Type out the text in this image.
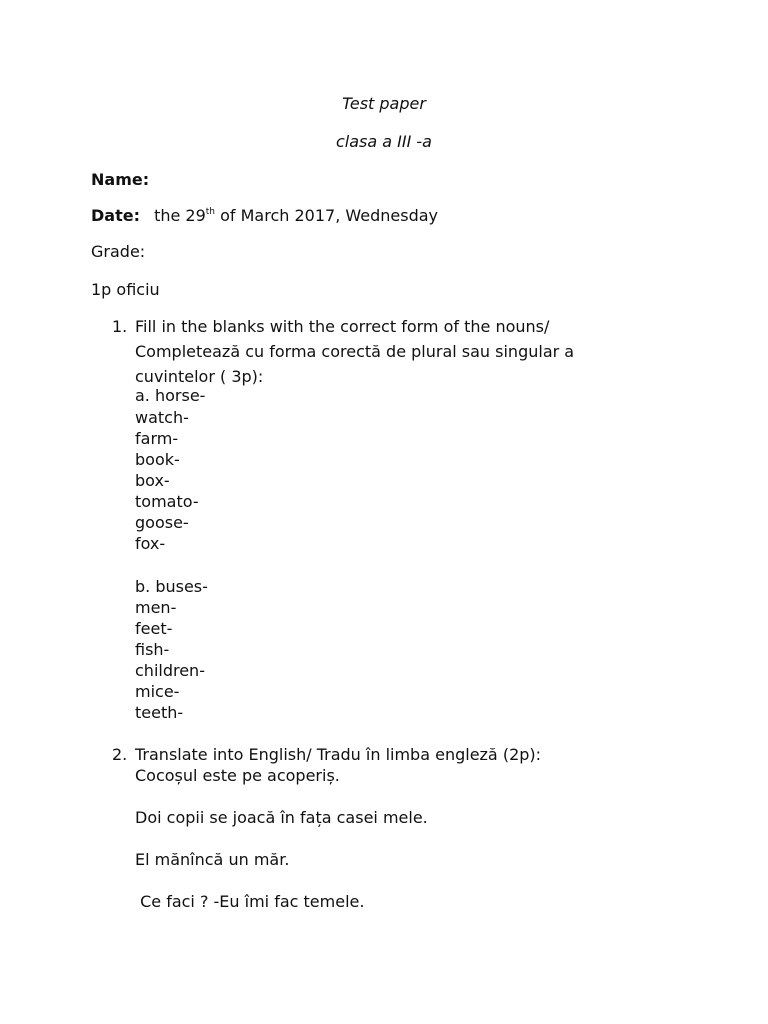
Test paper
clasa a III -a
Name:
Date: the 29th of March 2017, Wednesday
Grade:
1p oficiu
1. Fill in the blanks with the correct form of the nouns/
Completează cu forma corectă de plural sau singular a
cuvintelor ( 3p):
a. horse-
watch-
farm-
book-
box-
tomato-
goose-
fox-
b. buses-
men-
feet-
fish-
children-
mice-
teeth-
2. Translate into English/ Tradu în limba engleză (2p):
Cocoșul este pe acoperiș.
Doi copii se joacă în fața casei mele.
El mănîncă un măr.
Ce faci ? -Eu îmi fac temele.
